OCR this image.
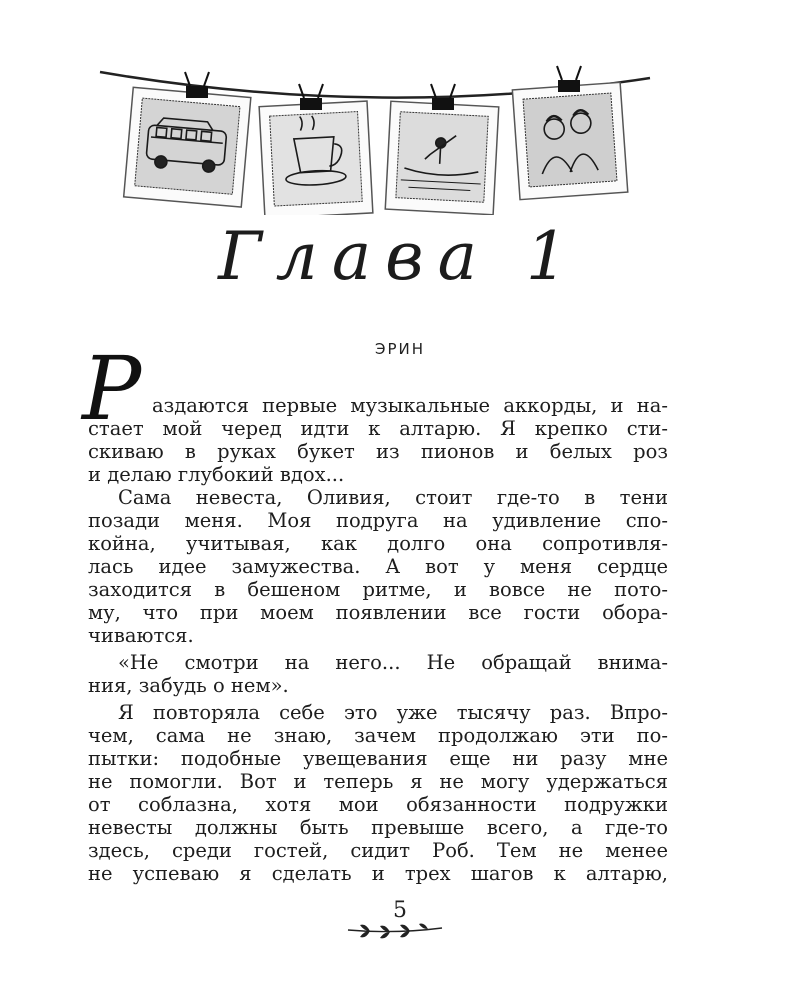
Глава 1
ЭРИН
Р аздаются первые музыкальные аккорды, и на-
стает мой черед идти к алтарю. Я крепко сти-
скиваю в руках букет из пионов и белых роз
и делаю глубокий вдох...
Сама невеста, Оливия, стоит где-то в тени
позади меня. Моя подруга на удивление спо-
койна, учитывая, как долго она сопротивля-
лась идее замужества. А вот у меня сердце
заходится в бешеном ритме, и вовсе не пото-
му, что при моем появлении все гости обора-
чиваются.
«Не смотри на него... Не обращай внима-
ния, забудь о нем».
Я повторяла себе это уже тысячу раз. Впро-
чем, сама не знаю, зачем продолжаю эти по-
пытки: подобные увещевания еще ни разу мне
не помогли. Вот и теперь я не могу удержаться
от соблазна, хотя мои обязанности подружки
невесты должны быть превыше всего, а где-то
здесь, среди гостей, сидит Роб. Тем не менее
не успеваю я сделать и трех шагов к алтарю,
5
